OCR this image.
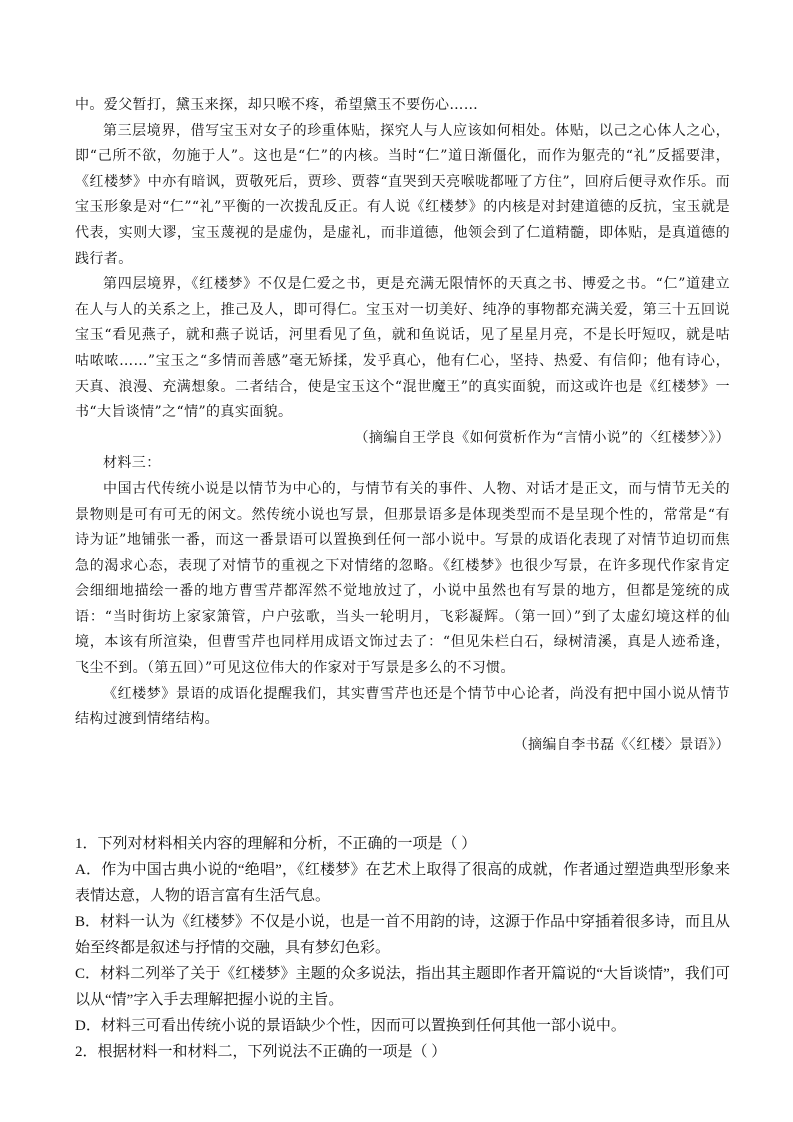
中。爱父暂打，黛玉来探，却只喉不疼，希望黛玉不要伤心……

第三层境界，借写宝玉对女子的珍重体贴，探究人与人应该如何相处。体贴，以己之心体人之心，即“己所不欲，勿施于人”。这也是“仁”的内核。当时“仁”道日渐僵化，而作为躯壳的“礼”反摇要津，《红楼梦》中亦有暗讽，贾敬死后，贾珍、贾蓉“直哭到天亮喉咙都哑了方住”，回府后便寻欢作乐。而宝玉形象是对“仁”“礼”平衡的一次拨乱反正。有人说《红楼梦》的内核是对封建道德的反抗，宝玉就是代表，实则大谬，宝玉蔑视的是虚伪，是虚礼，而非道德，他领会到了仁道精髓，即体贴，是真道德的践行者。

第四层境界，《红楼梦》不仅是仁爱之书，更是充满无限情怀的天真之书、博爱之书。“仁”道建立在人与人的关系之上，推己及人，即可得仁。宝玉对一切美好、纯净的事物都充满关爱，第三十五回说宝玉“看见燕子，就和燕子说话，河里看见了鱼，就和鱼说话，见了星星月亮，不是长吁短叹，就是咕咕哝哝……”宝玉之“多情而善感”毫无矫揉，发乎真心，他有仁心，坚持、热爱、有信仰；他有诗心，天真、浪漫、充满想象。二者结合，使是宝玉这个“混世魔王”的真实面貌，而这或许也是《红楼梦》一书“大旨谈情”之“情”的真实面貌。

（摘编自王学良《如何赏析作为“言情小说”的〈红楼梦〉》）

材料三：

中国古代传统小说是以情节为中心的，与情节有关的事件、人物、对话才是正文，而与情节无关的景物则是可有可无的闲文。然传统小说也写景，但那景语多是体现类型而不是呈现个性的，常常是“有诗为证”地铺张一番，而这一番景语可以置换到任何一部小说中。写景的成语化表现了对情节迫切而焦急的渴求心态，表现了对情节的重视之下对情绪的忽略。《红楼梦》也很少写景，在许多现代作家肯定会细细地描绘一番的地方曹雪芹都浑然不觉地放过了，小说中虽然也有写景的地方，但都是笼统的成语：“当时街坊上家家箫管，户户弦歌，当头一轮明月，飞彩凝辉。（第一回）”到了太虚幻境这样的仙境，本该有所渲染，但曹雪芹也同样用成语文饰过去了：“但见朱栏白石，绿树清溪，真是人迹希逢，飞尘不到。（第五回）”可见这位伟大的作家对于写景是多么的不习惯。

《红楼梦》景语的成语化提醒我们，其实曹雪芹也还是个情节中心论者，尚没有把中国小说从情节结构过渡到情绪结构。

（摘编自李书磊《〈红楼〉景语》）

1．下列对材料相关内容的理解和分析，不正确的一项是（ ）

A．作为中国古典小说的“绝唱”，《红楼梦》在艺术上取得了很高的成就，作者通过塑造典型形象来表情达意，人物的语言富有生活气息。

B．材料一认为《红楼梦》不仅是小说，也是一首不用韵的诗，这源于作品中穿插着很多诗，而且从始至终都是叙述与抒情的交融，具有梦幻色彩。

C．材料二列举了关于《红楼梦》主题的众多说法，指出其主题即作者开篇说的“大旨谈情”，我们可以从“情”字入手去理解把握小说的主旨。

D．材料三可看出传统小说的景语缺少个性，因而可以置换到任何其他一部小说中。

2．根据材料一和材料二，下列说法不正确的一项是（ ）
